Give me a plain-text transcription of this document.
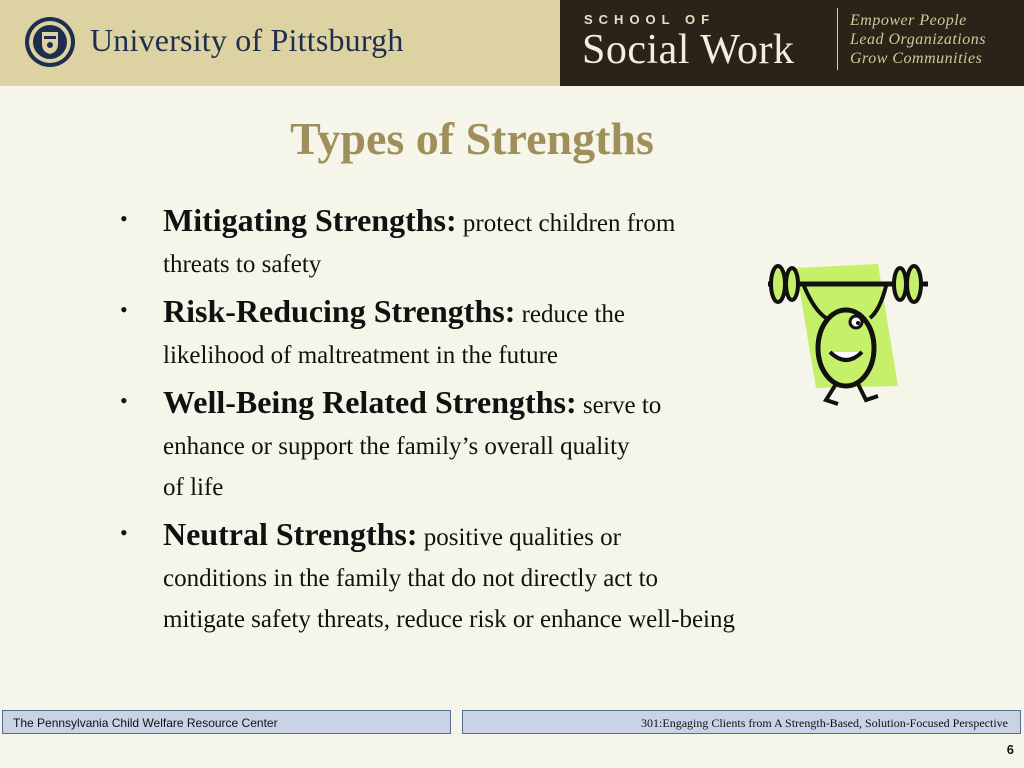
University of Pittsburgh
SCHOOL OF
Social Work
Empower People
Lead Organizations
Grow Communities
Types of Strengths
• Mitigating Strengths: protect children from
threats to safety
• Risk-Reducing Strengths: reduce the
likelihood of maltreatment in the future
• Well-Being Related Strengths: serve to
enhance or support the family’s overall quality
of life
• Neutral Strengths: positive qualities or
conditions in the family that do not directly act to
mitigate safety threats, reduce risk or enhance well-being
The Pennsylvania Child Welfare Resource Center	301:Engaging Clients from A Strength-Based, Solution-Focused Perspective
6
